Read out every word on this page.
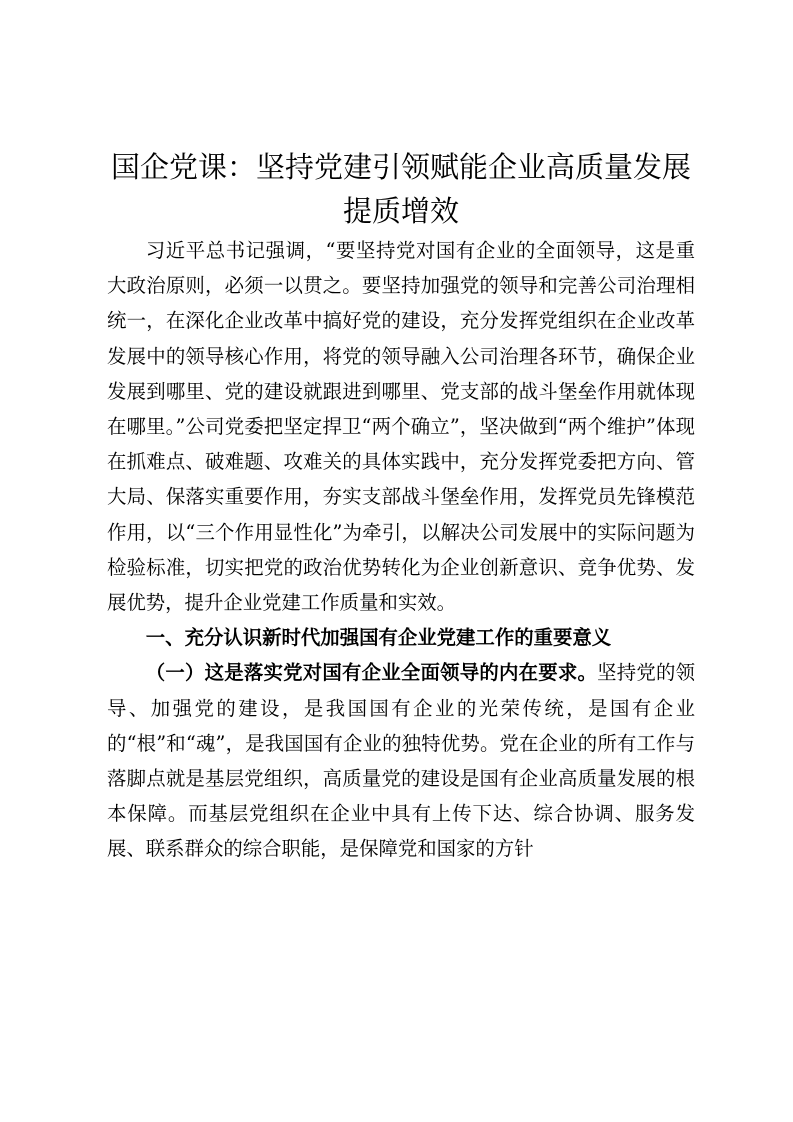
国企党课：坚持党建引领赋能企业高质量发展
提质增效

习近平总书记强调，“要坚持党对国有企业的全面领导，这是重大政治原则，必须一以贯之。要坚持加强党的领导和完善公司治理相统一，在深化企业改革中搞好党的建设，充分发挥党组织在企业改革发展中的领导核心作用，将党的领导融入公司治理各环节，确保企业发展到哪里、党的建设就跟进到哪里、党支部的战斗堡垒作用就体现在哪里。”公司党委把坚定捍卫“两个确立”，坚决做到“两个维护”体现在抓难点、破难题、攻难关的具体实践中，充分发挥党委把方向、管大局、保落实重要作用，夯实支部战斗堡垒作用，发挥党员先锋模范作用，以“三个作用显性化”为牵引，以解决公司发展中的实际问题为检验标准，切实把党的政治优势转化为企业创新意识、竞争优势、发展优势，提升企业党建工作质量和实效。

一、充分认识新时代加强国有企业党建工作的重要意义

（一）这是落实党对国有企业全面领导的内在要求。坚持党的领导、加强党的建设，是我国国有企业的光荣传统，是国有企业的“根”和“魂”，是我国国有企业的独特优势。党在企业的所有工作与落脚点就是基层党组织，高质量党的建设是国有企业高质量发展的根本保障。而基层党组织在企业中具有上传下达、综合协调、服务发展、联系群众的综合职能，是保障党和国家的方针
